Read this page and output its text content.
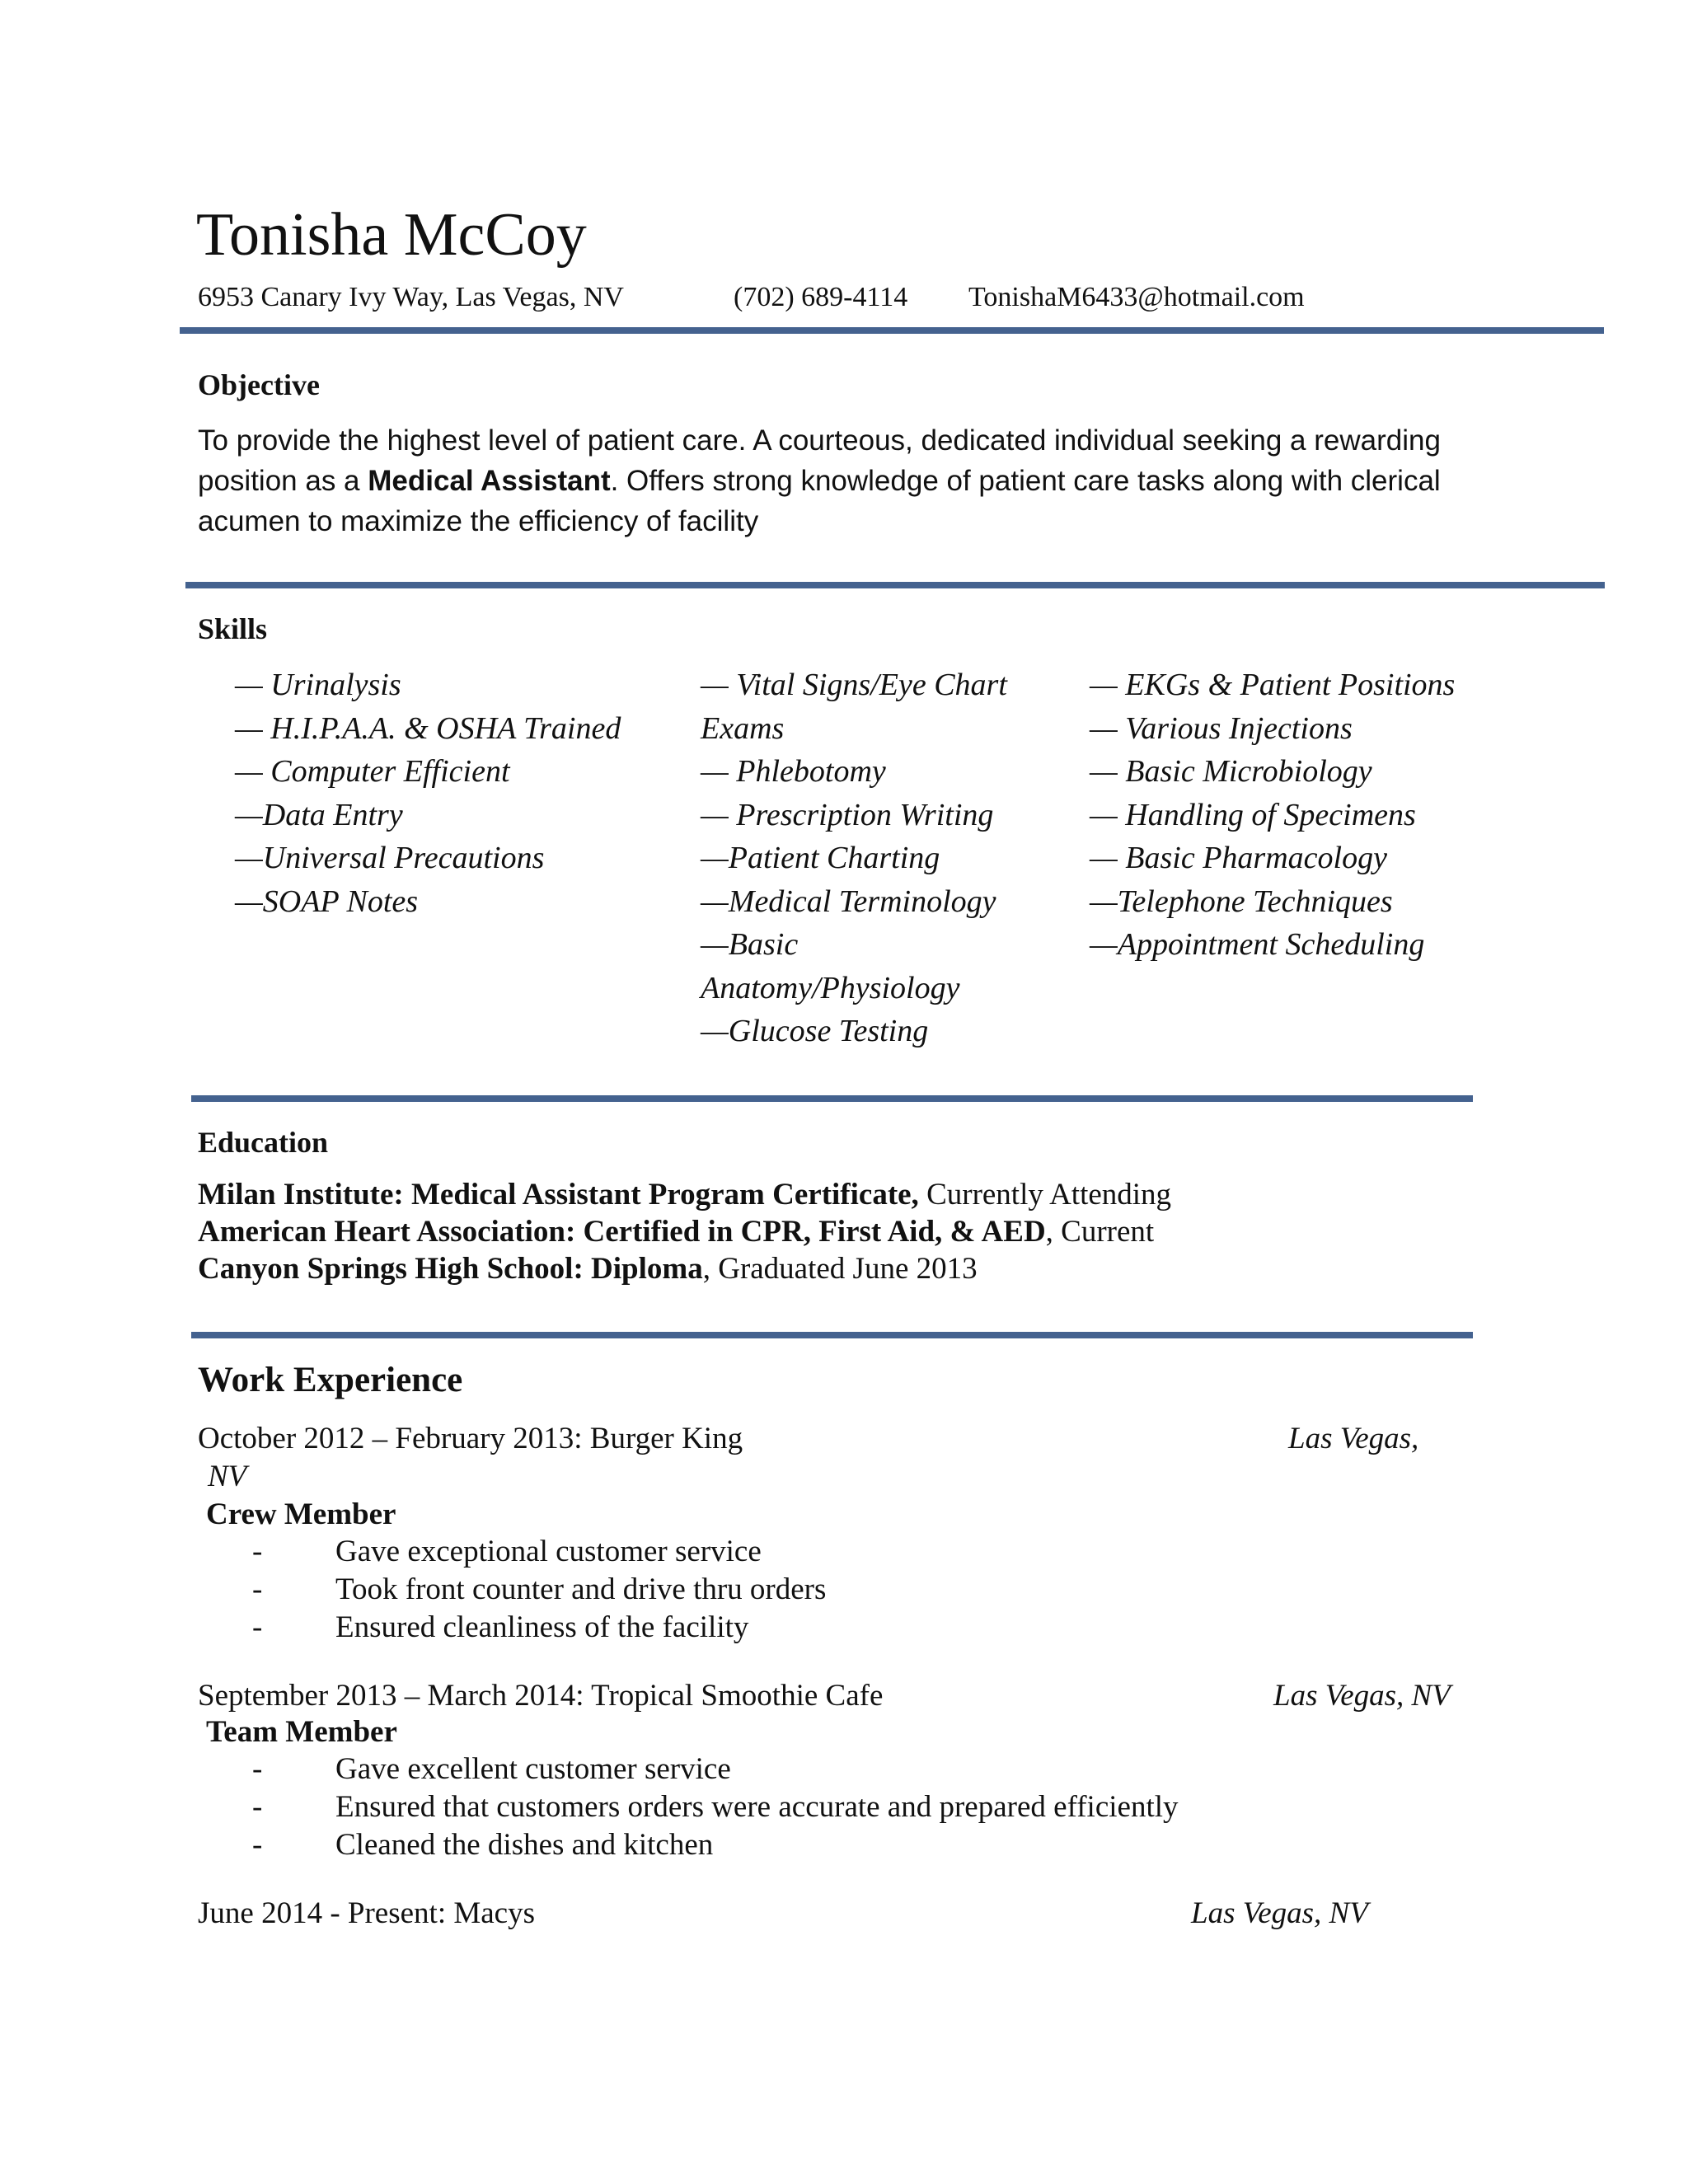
Tonisha McCoy
6953 Canary Ivy Way, Las Vegas, NV	(702) 689-4114 TonishaM6433@hotmail.com
Objective
To provide the highest level of patient care. A courteous, dedicated individual seeking a rewarding position as a Medical Assistant. Offers strong knowledge of patient care tasks along with clerical acumen to maximize the efficiency of facility
Skills
— Urinalysis
— H.I.P.A.A. & OSHA Trained
— Computer Efficient
—Data Entry
—Universal Precautions
—SOAP Notes
— Vital Signs/Eye Chart
Exams
— Phlebotomy
— Prescription Writing
—Patient Charting
—Medical Terminology
—Basic
Anatomy/Physiology
—Glucose Testing
— EKGs & Patient Positions
— Various Injections
— Basic Microbiology
— Handling of Specimens
— Basic Pharmacology
—Telephone Techniques
—Appointment Scheduling
Education
Milan Institute: Medical Assistant Program Certificate, Currently Attending
American Heart Association: Certified in CPR, First Aid, & AED, Current
Canyon Springs High School: Diploma, Graduated June 2013
Work Experience
October 2012 – February 2013: Burger King	Las Vegas,
NV
Crew Member
- Gave exceptional customer service
- Took front counter and drive thru orders
- Ensured cleanliness of the facility
September 2013 – March 2014: Tropical Smoothie Cafe	Las Vegas, NV
Team Member
- Gave excellent customer service
- Ensured that customers orders were accurate and prepared efficiently
- Cleaned the dishes and kitchen
June 2014 - Present: Macys	Las Vegas, NV
